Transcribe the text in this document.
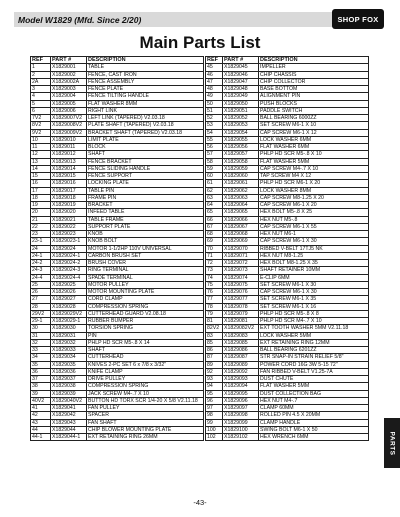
Model W1829 (Mfd. Since 2/20)	SHOP FOX
Main Parts List
REF	PART #	DESCRIPTION
1	X1829001	TABLE
2	X1829002	FENCE, CAST IRON
2A	X1829002A	FENCE ASSEMBLY
3	X1829003	FENCE PLATE
4	X1829004	FENCE TILTING HANDLE
5	X1829005	FLAT WASHER 8MM
6	X1829006	RIGHT LINK
7V2	X1829007V2	LEFT LINK (TAPERED) V2.03.18
8V2	X1829008V2	PLATE SHAFT (TAPERED) V2.03.18
9V2	X1829009V2	BRACKET SHAFT (TAPERED) V2.03.18
10	X1829010	LIMIT PLATE
11	X1829011	BLOCK
12	X1829012	SHAFT
13	X1829013	FENCE BRACKET
14	X1829014	FENCE SLIDING HANDLE
15	X1829015	FENCE SUPPORT
16	X1829016	LOCKING PLATE
17	X1829017	TABLE PIN
18	X1829018	FRAME PIN
19	X1829019	BRACKET
20	X1829020	INFEED TABLE
21	X1829021	TABLE FRAME
22	X1829022	SUPPORT PLATE
23	X1829023	KNOB
23-1	X1829023-1	KNOB BOLT
24	X1829024	MOTOR 1-1/2HP 110V UNIVERSAL
24-1	X1829024-1	CARBON BRUSH SET
24-2	X1829024-2	BRUSH COVER
24-3	X1829024-3	RING TERMINAL
24-4	X1829024-4	SPADE TERMINAL
25	X1829025	MOTOR PULLEY
26	X1829026	MOTOR MOUNTING PLATE
27	X1829027	CORD CLAMP
28	X1829028	COMPRESSION SPRING
29V2	X1829029V2	CUTTERHEAD GUARD V2.08.18
29-1	X1829029-1	RUBBER BUMPER
30	X1829030	TORSION SPRING
31	X1829031	PIN
32	X1829032	PHLP HD SCR M5-.8 X 14
33	X1829033	SHAFT
34	X1829034	CUTTERHEAD
35	X1829035	KNIVES 2-PC SET 6 x 7/8 x 3/32"
36	X1829036	KNIFE CLAMP
37	X1829037	DRIVE PULLEY
38	X1829038	COMPRESSION SPRING
39	X1829039	JACK SCREW M4-.7 X 10
40V2	X1829040V2	BUTTON HD TORX SCR 1/4-20 X 5/8 V2.11.18
41	X1829041	FAN PULLEY
42	X1829042	SPACER
43	X1829043	FAN SHAFT
44	X1829044	CHIP BLOWER MOUNTING PLATE
44-1	X1829044-1	EXT RETAINING RING 26MM
REF	PART #	DESCRIPTION
45	X1829045	IMPELLER
46	X1829046	CHIP CHASSIS
47	X1829047	CHIP COLLECTOR
48	X1829048	BASE BOTTOM
49	X1829049	ALIGNMENT PIN
50	X1829050	PUSH BLOCKS
51	X1829051	PADDLE SWITCH
52	X1829052	BALL BEARING 6000ZZ
53	X1829053	SET SCREW M6-1 X 10
54	X1829054	CAP SCREW M6-1 X 12
55	X1829055	LOCK WASHER 6MM
56	X1829056	FLAT WASHER 6MM
57	X1829057	PHLP HD SCR M5-.8 X 10
58	X1829058	FLAT WASHER 5MM
59	X1829059	CAP SCREW M4-.7 X 10
60	X1829060	TAP SCREW M4 X 12
61	X1829061	PHLP HD SCR M6-1 X 20
62	X1829062	LOCK WASHER 8MM
63	X1829063	CAP SCREW M8-1.25 X 20
64	X1829064	CAP SCREW M6-1 X 20
65	X1829065	HEX BOLT M5-.8 X 25
66	X1829066	HEX NUT M5-.8
67	X1829067	CAP SCREW M6-1 X 55
68	X1829068	HEX NUT M6-1
69	X1829069	CAP SCREW M6-1 X 30
70	X1829070	RIBBED V-BELT 17TJ5 NK
71	X1829071	HEX NUT M8-1.25
72	X1829072	HEX BOLT M8-1.25 X 35
73	X1829073	SHAFT RETAINER 10MM
74	X1829074	E-CLIP 6MM
75	X1829075	SET SCREW M6-1 X 30
76	X1829076	CAP SCREW M6-1 X 30
77	X1829077	SET SCREW M6-1 X 35
78	X1829078	SET SCREW M6-1 X 16
79	X1829079	PHLP HD SCR M5-.8 X 8
81	X1829081	PHLP HD SCR M4-.7 X 10
82V2	X1829082V2	EXT TOOTH WASHER 5MM V2.11.18
83	X1829083	LOCK WASHER 5MM
85	X1829085	EXT RETAINING RING 12MM
86	X1829086	BALL BEARING 6201ZZ
87	X1829087	STR SNAP-IN STRAIN RELIEF 5/8"
89	X1829089	POWER CORD 16G 3W 5-15 72"
92	X1829092	FAN RIBBED V-BELT V1.25-7A
93	X1829093	DUST CHUTE
94	X1829094	FLAT WASHER 5MM
95	X1829095	DUST COLLECTION BAG
96	X1829096	HEX NUT M4-.7
97	X1829097	CLAMP 60MM
98	X1829098	ROLLED PIN 4.5 X 20MM
99	X1829099	CLAMP HANDLE
100	X1829100	SWING BOLT M6-1 X 50
102	X1829102	HEX WRENCH 6MM
-43-
PARTS
